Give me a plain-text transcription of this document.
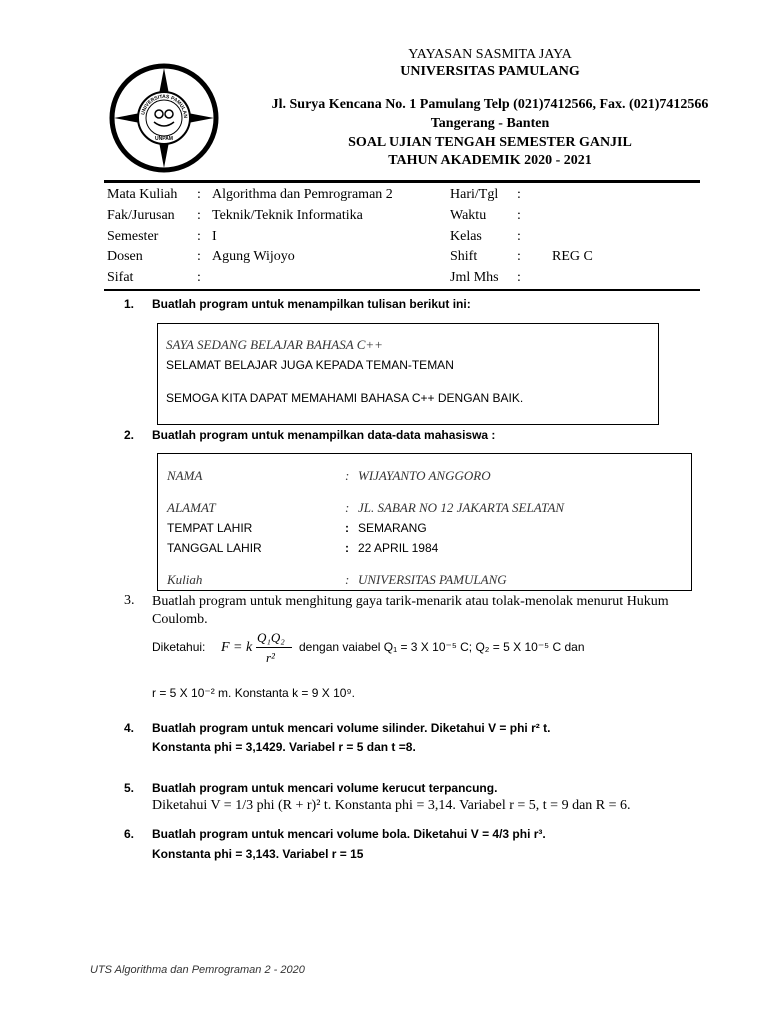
UNIVERSITAS PAMULAN
UNPAM
YAYASAN SASMITA JAYA
UNIVERSITAS PAMULANG
Jl. Surya Kencana No. 1 Pamulang Telp (021)7412566, Fax. (021)7412566
Tangerang - Banten
SOAL UJIAN TENGAH SEMESTER GANJIL
TAHUN AKADEMIK 2020 - 2021
Mata Kuliah : Algorithma dan Pemrograman 2	Hari/Tgl :
Fak/Jurusan : Teknik/Teknik Informatika	Waktu :
Semester	: I	Kelas	:
Dosen	: Agung Wijoyo	Shift	: REG C
Sifat	:	Jml Mhs :
1. Buatlah program untuk menampilkan tulisan berikut ini:
SAYA SEDANG BELAJAR BAHASA C++
SELAMAT BELAJAR JUGA KEPADA TEMAN-TEMAN
SEMOGA KITA DAPAT MEMAHAMI BAHASA C++ DENGAN BAIK.
2. Buatlah program untuk menampilkan data-data mahasiswa :
NAMA	: WIJAYANTO ANGGORO
ALAMAT	: JL. SABAR NO 12 JAKARTA SELATAN
TEMPAT LAHIR	: SEMARANG
TANGGAL LAHIR	: 22 APRIL 1984
Kuliah	: UNIVERSITAS PAMULANG
3. Buatlah program untuk menghitung gaya tarik-menarik atau tolak-menolak menurut Hukum Coulomb.
Diketahui: F = k
Q₁Q₂
r²
dengan vaiabel Q₁ = 3 X 10⁻⁵ C; Q₂ = 5 X 10⁻⁵ C dan
r = 5 X 10⁻² m. Konstanta k = 9 X 10⁹.
4. Buatlah program untuk mencari volume silinder. Diketahui V = phi r² t.
Konstanta phi = 3,1429. Variabel r = 5 dan t =8.
5. Buatlah program untuk mencari volume kerucut terpancung.
Diketahui V = 1/3 phi (R + r)² t. Konstanta phi = 3,14. Variabel r = 5, t = 9 dan R = 6.
6. Buatlah program untuk mencari volume bola. Diketahui V = 4/3 phi r³.
Konstanta phi = 3,143. Variabel r = 15
UTS Algorithma dan Pemrograman 2 - 2020
